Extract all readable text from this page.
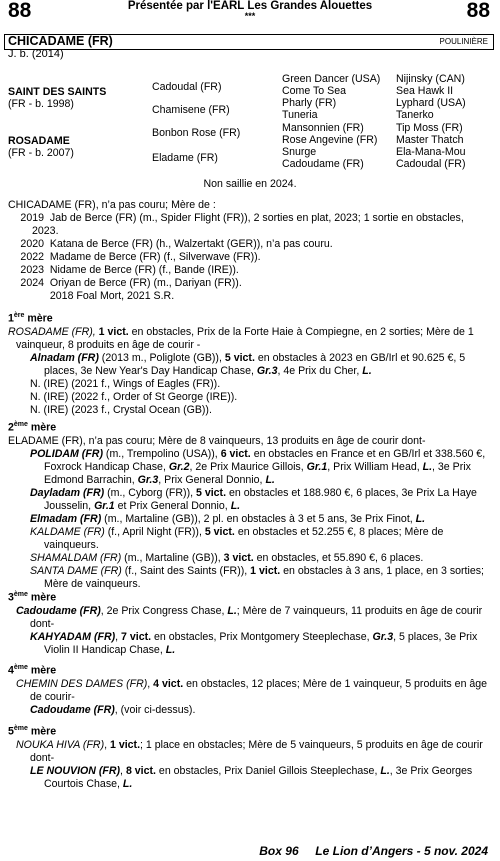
88	88
Présentée par l'EARL Les Grandes Alouettes
***
CHICADAME (FR)	POULINIÈRE
J. b. (2014)
SAINT DES SAINTS
(FR - b. 1998)
ROSADAME
(FR - b. 2007)
Cadoudal (FR)
Chamisene (FR)
Bonbon Rose (FR)
Eladame (FR)
Green Dancer (USA)
Come To Sea
Pharly (FR)
Tuneria
Mansonnien (FR)
Rose Angevine (FR)
Snurge
Cadoudame (FR)
Nijinsky (CAN)
Sea Hawk II
Lyphard (USA)
Tanerko
Tip Moss (FR)
Master Thatch
Ela-Mana-Mou
Cadoudal (FR)
Non saillie en 2024.

CHICADAME (FR), n’a pas couru; Mère de :

2019 Jab de Berce (FR) (m., Spider Flight (FR)), 2 sorties en plat, 2023; 1 sortie en obstacles, 2023.
2020 Katana de Berce (FR) (h., Walzertakt (GER)), n’a pas couru.
2022 Madame de Berce (FR) (f., Silverwave (FR)).
2023 Nidame de Berce (FR) (f., Bande (IRE)).
2024 Oriyan de Berce (FR) (m., Dariyan (FR)).
2018 Foal Mort, 2021 S.R.

1ère mère

ROSADAME (FR), 1 vict. en obstacles, Prix de la Forte Haie à Compiegne, en 2 sorties; Mère de 1 vainqueur, 8 produits en âge de courir -

Alnadam (FR) (2013 m., Poliglote (GB)), 5 vict. en obstacles à 2023 en GB/Irl et 90.625 €, 5 places, 3e New Year's Day Handicap Chase, Gr.3, 4e Prix du Cher, L.

N. (IRE) (2021 f., Wings of Eagles (FR)).

N. (IRE) (2022 f., Order of St George (IRE)).

N. (IRE) (2023 f., Crystal Ocean (GB)).

2ème mère

ELADAME (FR), n’a pas couru; Mère de 8 vainqueurs, 13 produits en âge de courir dont-

POLIDAM (FR) (m., Trempolino (USA)), 6 vict. en obstacles en France et en GB/Irl et 338.560 €, Foxrock Handicap Chase, Gr.2, 2e Prix Maurice Gillois, Gr.1, Prix William Head, L., 3e Prix Edmond Barrachin, Gr.3, Prix General Donnio, L.

Dayladam (FR) (m., Cyborg (FR)), 5 vict. en obstacles et 188.980 €, 6 places, 3e Prix La Haye Jousselin, Gr.1 et Prix General Donnio, L.

Elmadam (FR) (m., Martaline (GB)), 2 pl. en obstacles à 3 et 5 ans, 3e Prix Finot, L.

KALDAME (FR) (f., April Night (FR)), 5 vict. en obstacles et 52.255 €, 8 places; Mère de vainqueurs.

SHAMALDAM (FR) (m., Martaline (GB)), 3 vict. en obstacles, et 55.890 €, 6 places.

SANTA DAME (FR) (f., Saint des Saints (FR)), 1 vict. en obstacles à 3 ans, 1 place, en 3 sorties; Mère de vainqueurs.

3ème mère

Cadoudame (FR), 2e Prix Congress Chase, L.; Mère de 7 vainqueurs, 11 produits en âge de courir dont-

KAHYADAM (FR), 7 vict. en obstacles, Prix Montgomery Steeplechase, Gr.3, 5 places, 3e Prix Violin II Handicap Chase, L.

4ème mère

CHEMIN DES DAMES (FR), 4 vict. en obstacles, 12 places; Mère de 1 vainqueur, 5 produits en âge de courir-

Cadoudame (FR), (voir ci-dessus).

5ème mère

NOUKA HIVA (FR), 1 vict.; 1 place en obstacles; Mère de 5 vainqueurs, 5 produits en âge de courir dont-

LE NOUVION (FR), 8 vict. en obstacles, Prix Daniel Gillois Steeplechase, L., 3e Prix Georges Courtois Chase, L.

Box 96     Le Lion d’Angers - 5 nov. 2024
